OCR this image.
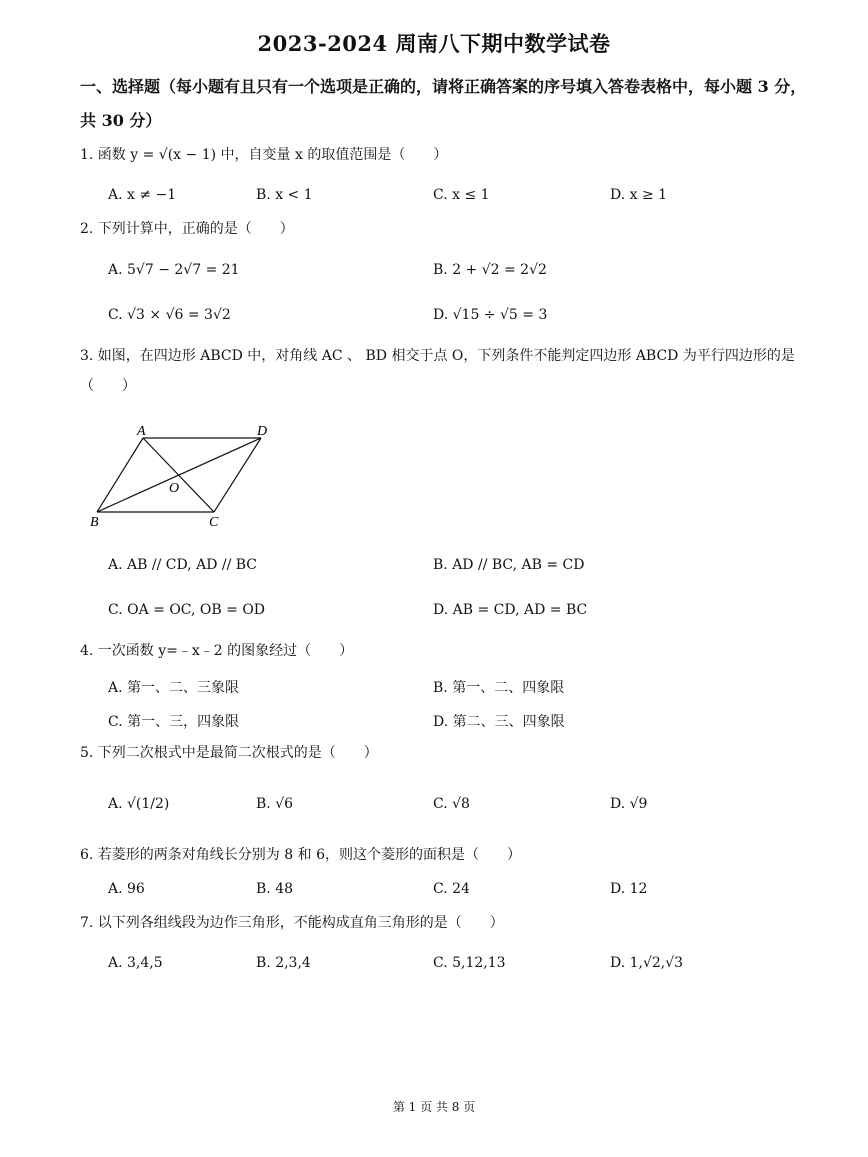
2023-2024 周南八下期中数学试卷
一、选择题（每小题有且只有一个选项是正确的，请将正确答案的序号填入答卷表格中，每小题 3 分，共 30 分）
1. 函数 y = √(x − 1) 中，自变量 x 的取值范围是（　　）
A. x ≠ −1	B. x < 1	C. x ≤ 1	D. x ≥ 1
2. 下列计算中，正确的是（　　）
A. 5√7 − 2√7 = 21	B. 2 + √2 = 2√2
C. √3 × √6 = 3√2	D. √15 ÷ √5 = 3
3. 如图，在四边形 ABCD 中，对角线 AC 、 BD 相交于点 O，下列条件不能判定四边形 ABCD 为平行四边形的是（　　）
A	D
O
B	C
A. AB // CD, AD // BC	B. AD // BC, AB = CD
C. OA = OC, OB = OD	D. AB = CD, AD = BC
4. 一次函数 y=﹣x﹣2 的图象经过（　　）
A. 第一、二、三象限	B. 第一、二、四象限
C. 第一、三，四象限	D. 第二、三、四象限
5. 下列二次根式中是最简二次根式的是（　　）
A. √(1/2)	B. √6	C. √8	D. √9
6. 若菱形的两条对角线长分别为 8 和 6，则这个菱形的面积是（　　）
A. 96	B. 48	C. 24	D. 12
7. 以下列各组线段为边作三角形，不能构成直角三角形的是（　　）
A. 3,4,5	B. 2,3,4	C. 5,12,13	D. 1,√2,√3
第 1 页 共 8 页
